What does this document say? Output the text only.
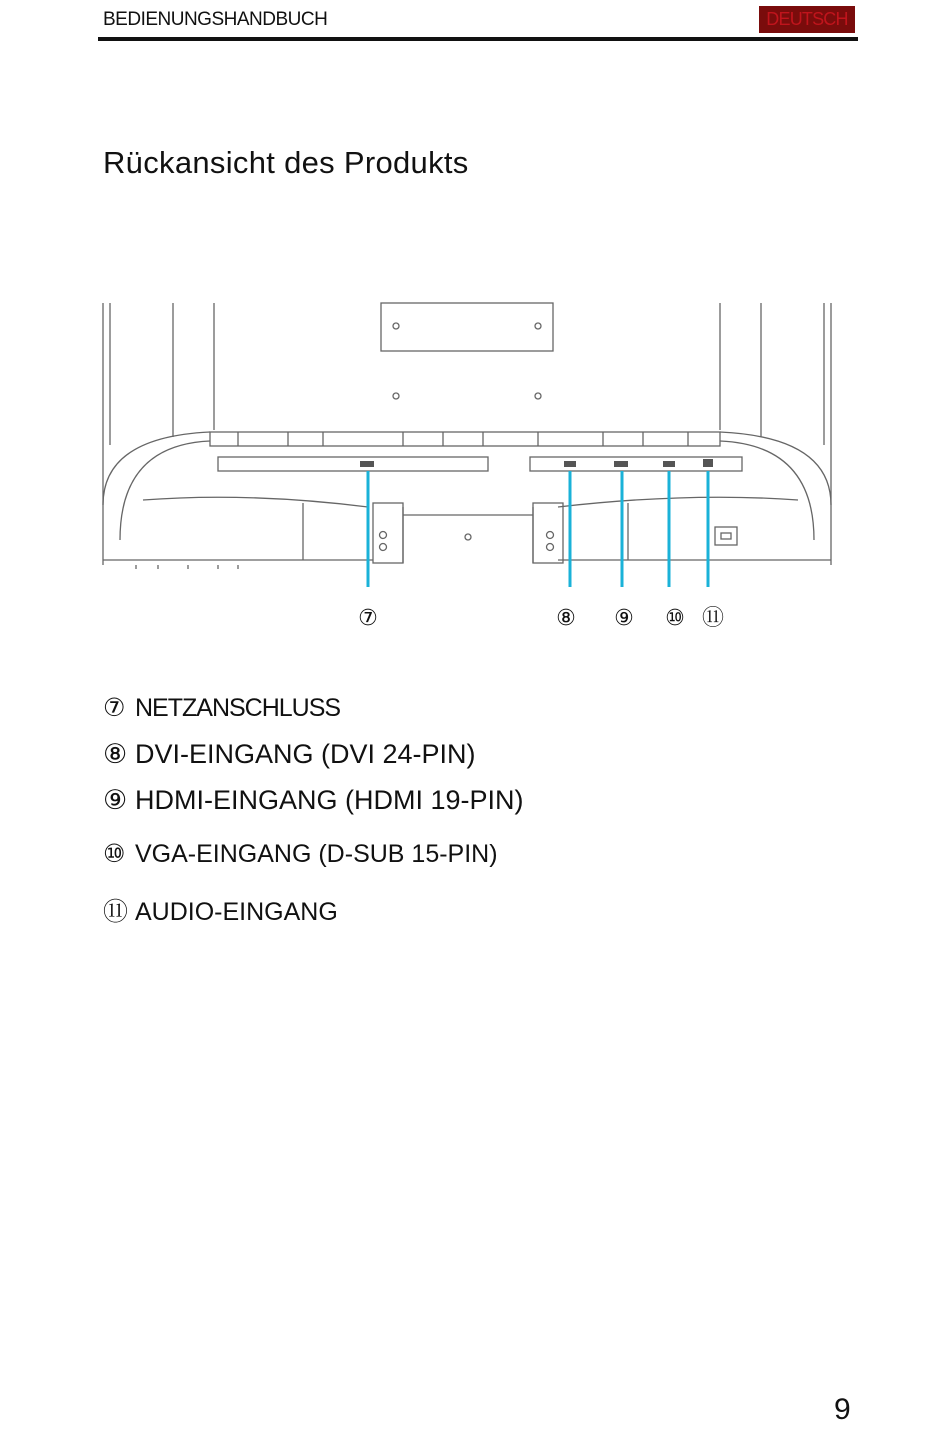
BEDIENUNGSHANDBUCH	DEUTSCH
Rückansicht des Produkts
⑦	⑧ ⑨ ⑩ ⑪
⑦ NETZANSCHLUSS
⑧ DVI-EINGANG (DVI 24-PIN)
⑨ HDMI-EINGANG (HDMI 19-PIN)
⑩ VGA-EINGANG (D-SUB 15-PIN)
⑪ AUDIO-EINGANG
9
